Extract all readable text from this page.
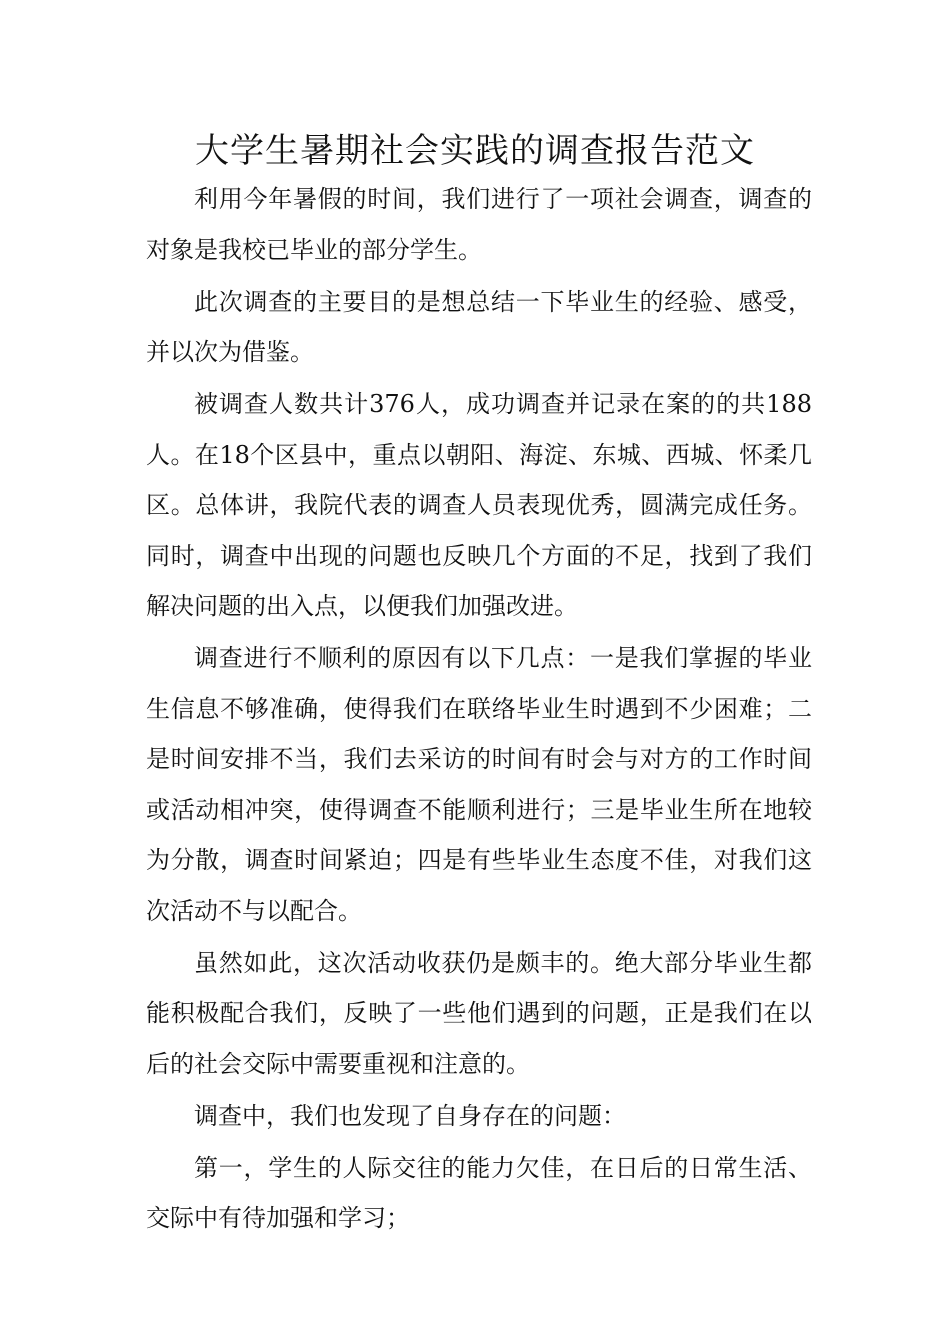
大学生暑期社会实践的调查报告范文

利用今年暑假的时间，我们进行了一项社会调查，调查的对象是我校已毕业的部分学生。

此次调查的主要目的是想总结一下毕业生的经验、感受，并以次为借鉴。

被调查人数共计376人，成功调查并记录在案的的共188人。在18个区县中，重点以朝阳、海淀、东城、西城、怀柔几区。总体讲，我院代表的调查人员表现优秀，圆满完成任务。同时，调查中出现的问题也反映几个方面的不足，找到了我们解决问题的出入点，以便我们加强改进。

调查进行不顺利的原因有以下几点：一是我们掌握的毕业生信息不够准确，使得我们在联络毕业生时遇到不少困难；二是时间安排不当，我们去采访的时间有时会与对方的工作时间或活动相冲突，使得调查不能顺利进行；三是毕业生所在地较为分散，调查时间紧迫；四是有些毕业生态度不佳，对我们这次活动不与以配合。

虽然如此，这次活动收获仍是颇丰的。绝大部分毕业生都能积极配合我们，反映了一些他们遇到的问题，正是我们在以后的社会交际中需要重视和注意的。

调查中，我们也发现了自身存在的问题：

第一，学生的人际交往的能力欠佳，在日后的日常生活、交际中有待加强和学习；
